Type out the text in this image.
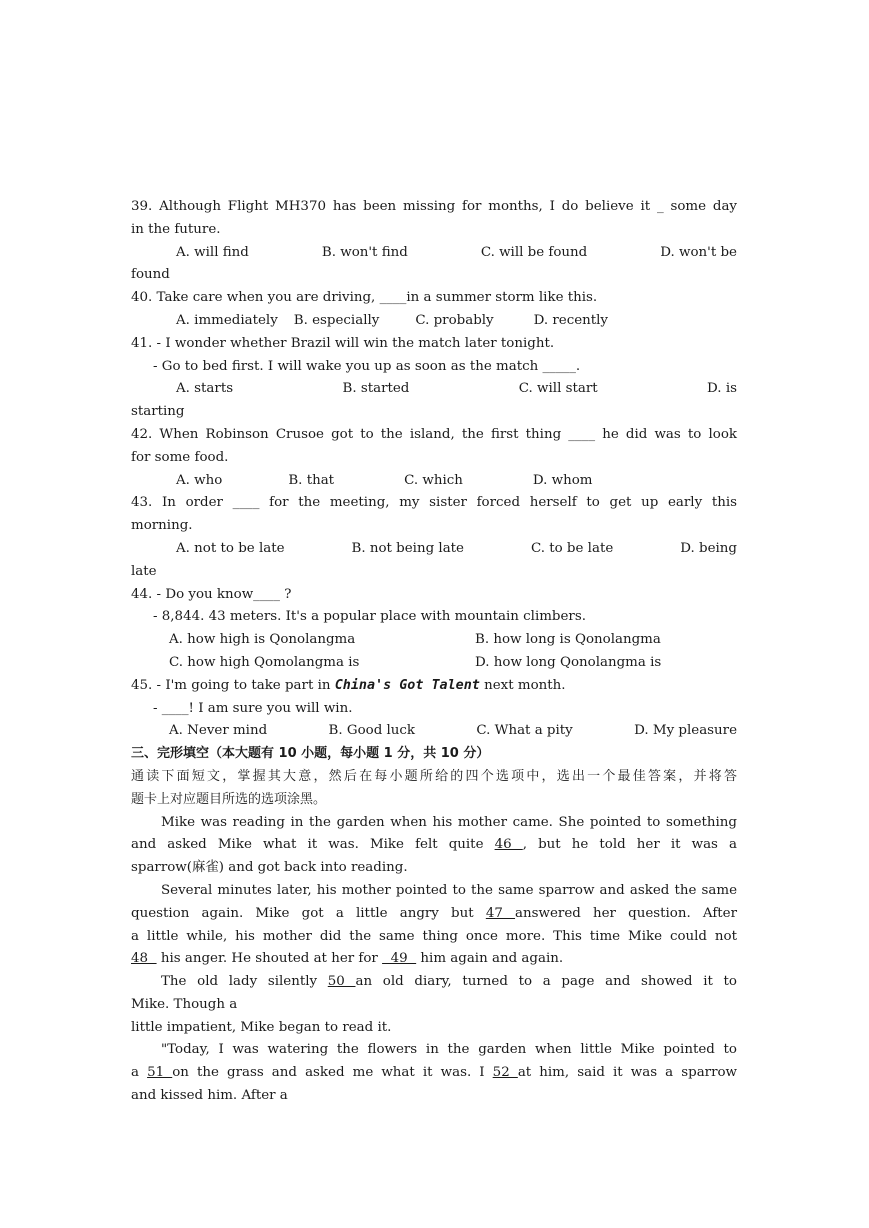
39. Although Flight MH370 has been missing for months, I do believe it _ some day
in the future.
A. will find	B. won't find	C. will be found	D. won't be
found
40. Take care when you are driving, ____in a summer storm like this.
A. immediately B. especially	C. probably	D. recently
41. - I wonder whether Brazil will win the match later tonight.
- Go to bed first. I will wake you up as soon as the match _____.
A. starts	B. started	C. will start	D. is
starting
42. When Robinson Crusoe got to the island, the first thing ____ he did was to look
for some food.
A. who	B. that	C. which	D. whom
43. In order ____ for the meeting, my sister forced herself to get up early this
morning.
A. not to be late	B. not being late	C. to be late	D. being
late
44. - Do you know____ ?
- 8,844. 43 meters. It's a popular place with mountain climbers.
A. how high is Qonolangma	B. how long is Qonolangma
C. how high Qomolangma is	D. how long Qonolangma is
45. - I'm going to take part in China's Got Talent next month.
- ____! I am sure you will win.
A. Never mind	B. Good luck	C. What a pity	D. My pleasure
三、完形填空（本大题有 10 小题，每小题 1 分，共 10 分）
通读下面短文，掌握其大意，然后在每小题所给的四个选项中，选出一个最佳答案，并将答
题卡上对应题目所选的选项涂黑。
Mike was reading in the garden when his mother came. She pointed to something
and asked Mike what it was. Mike felt quite 46 , but he told her it was a
sparrow(麻雀) and got back into reading.
Several minutes later, his mother pointed to the same sparrow and asked the same
question again. Mike got a little angry but 47 answered her question. After
a little while, his mother did the same thing once more. This time Mike could not
48   his anger. He shouted at her for   49   him again and again.
The old lady silently 50 an old diary, turned to a page and showed it to
Mike. Though a
little impatient, Mike began to read it.
"Today, I was watering the flowers in the garden when little Mike pointed to
a 51 on the grass and asked me what it was. I 52 at him, said it was a sparrow
and kissed him. After a
